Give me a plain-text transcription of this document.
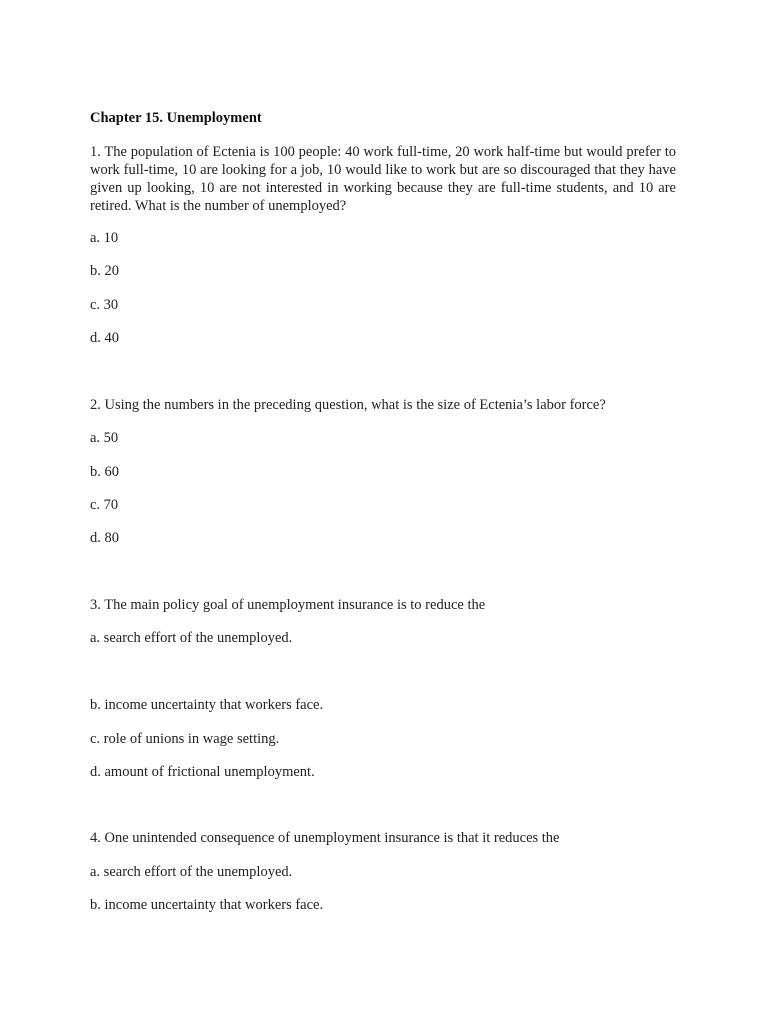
Chapter 15. Unemployment
1. The population of Ectenia is 100 people: 40 work full-time, 20 work half-time but would prefer to work full-time, 10 are looking for a job, 10 would like to work but are so discouraged that they have given up looking, 10 are not interested in working because they are full-time students, and 10 are retired. What is the number of unemployed?
a. 10
b. 20
c. 30
d. 40
2. Using the numbers in the preceding question, what is the size of Ectenia’s labor force?
a. 50
b. 60
c. 70
d. 80
3. The main policy goal of unemployment insurance is to reduce the
a. search effort of the unemployed.
b. income uncertainty that workers face.
c. role of unions in wage setting.
d. amount of frictional unemployment.
4. One unintended consequence of unemployment insurance is that it reduces the
a. search effort of the unemployed.
b. income uncertainty that workers face.
